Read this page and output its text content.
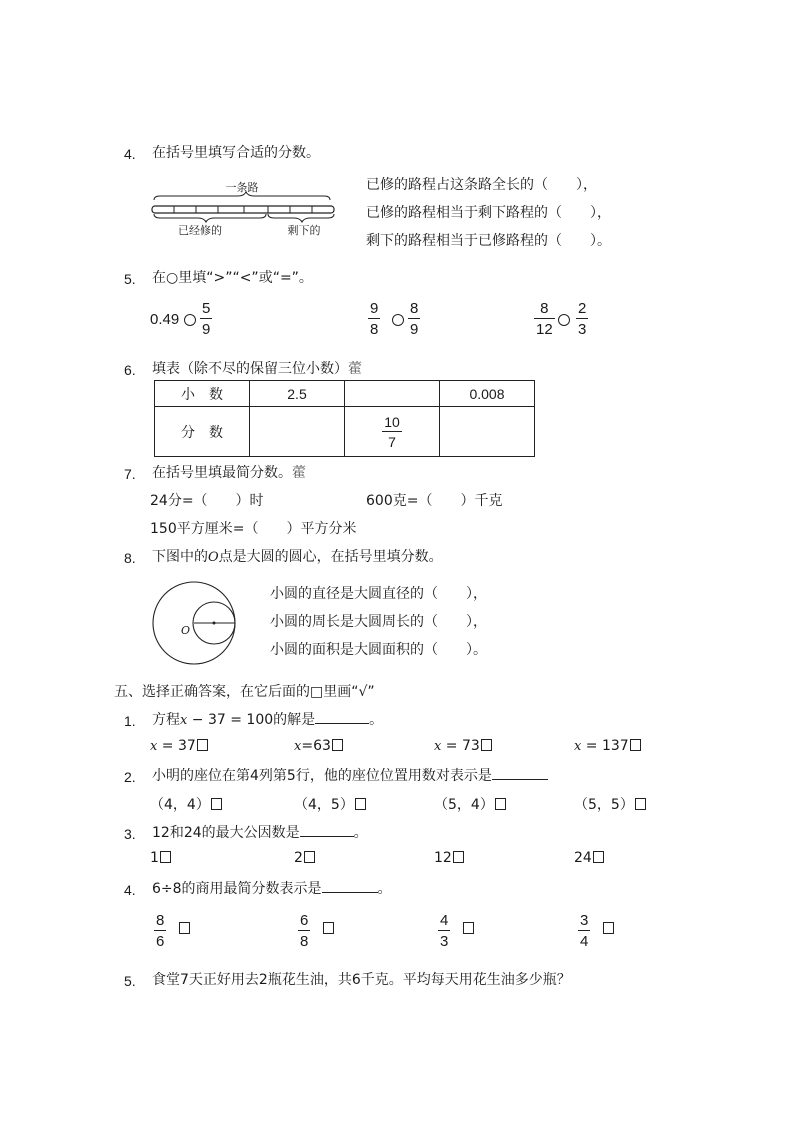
4. 在括号里填写合适的分数。
一条路
已经修的	剩下的
已修的路程占这条路全长的（　　），
已修的路程相当于剩下路程的（　　），
剩下的路程相当于已修路程的（　　）。
5. 在○里填“>”“<”或“=”。
0.49
5
9
9
8
8
9
8
12
2
3
6. 填表（除不尽的保留三位小数）藿
小　数	2.5		0.008
分　数		$\frac{10}{7}$

7. 在括号里填最简分数。藿
24分=（　　）时	600克=（　　）千克
150平方厘米=（　　）平方分米
8. 下图中的O点是大圆的圆心，在括号里填分数。
O
小圆的直径是大圆直径的（　　），
小圆的周长是大圆周长的（　　），
小圆的面积是大圆面积的（　　）。
五、选择正确答案，在它后面的□里画“√”
1. 方程x − 37 = 100的解是	。
x = 37	x=63	x = 73	x = 137
2. 小明的座位在第4列第5行，他的座位位置用数对表示是
（4，4）	（4，5）	（5，4）	（5，5）
3. 12和24的最大公因数是	。
1	2	12	24
4. 6÷8的商用最简分数表示是	。
8
6
6
8
4
3
3
4
5. 食堂7天正好用去2瓶花生油，共6千克。平均每天用花生油多少瓶？
